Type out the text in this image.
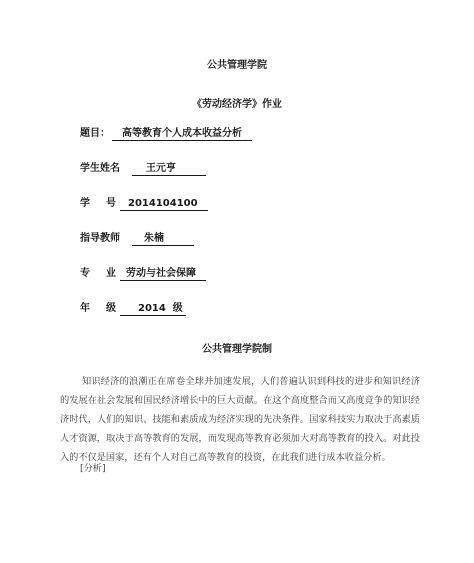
公共管理学院
《劳动经济学》作业
题目：	高等教育个人成本收益分析
学生姓名	王元亨
学 号	2014104100
指导教师	朱楠
专 业	劳动与社会保障
年 级	2014  级
公共管理学院制
知识经济的浪潮正在席卷全球并加速发展，人们普遍认识到科技的进步和知识经济的发展在社会发展和国民经济增长中的巨大贡献。在这个高度整合而又高度竞争的知识经济时代，人们的知识、技能和素质成为经济实现的先决条件。国家科技实力取决于高素质人才资源，取决于高等教育的发展，而发现高等教育必须加大对高等教育的投入。对此投入的不仅是国家，还有个人对自己高等教育的投资，在此我们进行成本收益分析。
[分析]
